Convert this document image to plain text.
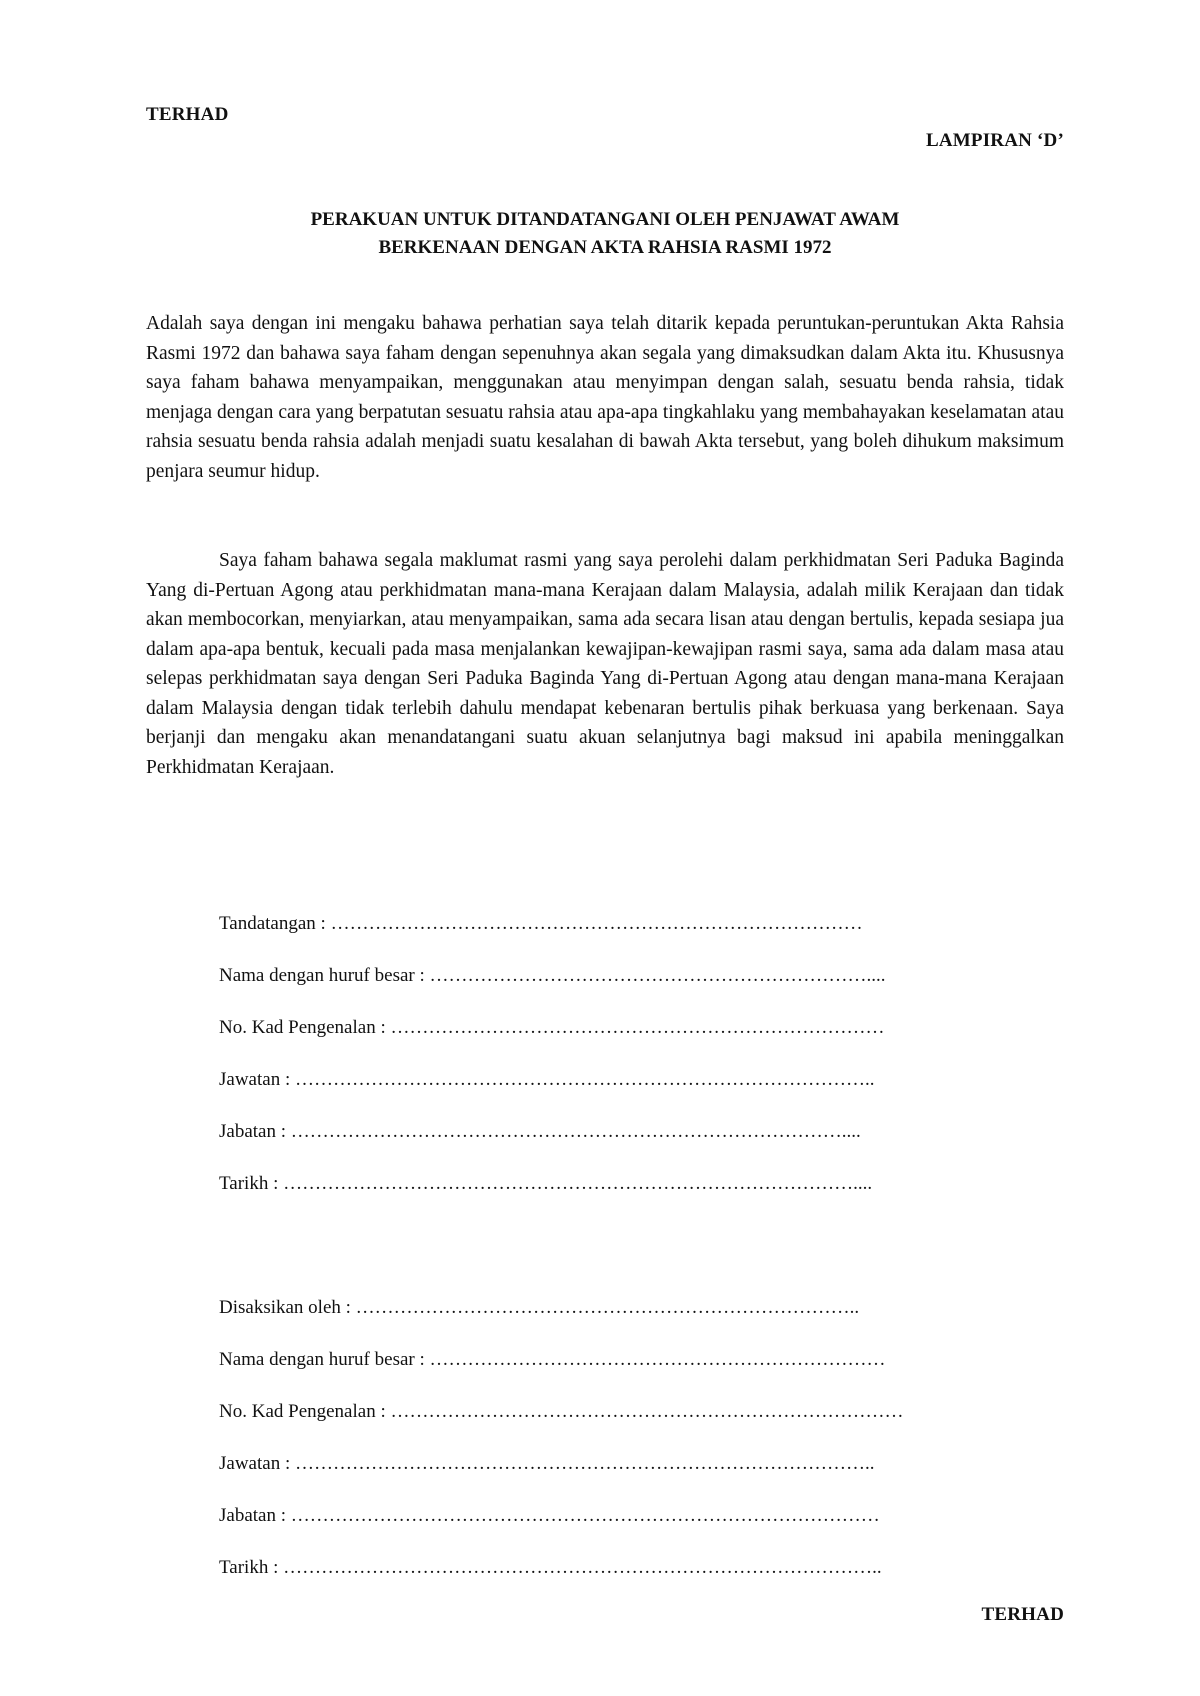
TERHAD
LAMPIRAN ‘D’
PERAKUAN UNTUK DITANDATANGANI OLEH PENJAWAT AWAM
BERKENAAN DENGAN AKTA RAHSIA RASMI 1972
Adalah saya dengan ini mengaku bahawa perhatian saya telah ditarik kepada peruntukan-peruntukan Akta Rahsia Rasmi 1972 dan bahawa saya faham dengan sepenuhnya akan segala yang dimaksudkan dalam Akta itu. Khususnya saya faham bahawa menyampaikan, menggunakan atau menyimpan dengan salah, sesuatu benda rahsia, tidak menjaga dengan cara yang berpatutan sesuatu rahsia atau apa-apa tingkahlaku yang membahayakan keselamatan atau rahsia sesuatu benda rahsia adalah menjadi suatu kesalahan di bawah Akta tersebut, yang boleh dihukum maksimum penjara seumur hidup.
Saya faham bahawa segala maklumat rasmi yang saya perolehi dalam perkhidmatan Seri Paduka Baginda Yang di-Pertuan Agong atau perkhidmatan mana-mana Kerajaan dalam Malaysia, adalah milik Kerajaan dan tidak akan membocorkan, menyiarkan, atau menyampaikan, sama ada secara lisan atau dengan bertulis, kepada sesiapa jua dalam apa-apa bentuk, kecuali pada masa menjalankan kewajipan-kewajipan rasmi saya, sama ada dalam masa atau selepas perkhidmatan saya dengan Seri Paduka Baginda Yang di-Pertuan Agong atau dengan mana-mana Kerajaan dalam Malaysia dengan tidak terlebih dahulu mendapat kebenaran bertulis pihak berkuasa yang berkenaan. Saya berjanji dan mengaku akan menandatangani suatu akuan selanjutnya bagi maksud ini apabila meninggalkan Perkhidmatan Kerajaan.
Tandatangan : …………………………………………………………………………
Nama dengan huruf besar : ……………………………………………………………....
No. Kad Pengenalan : ……………………………………………………………………
Jawatan : ………………………………………………………………………………..
Jabatan : ……………………………………………………………………………....
Tarikh : ………………………………………………………………………………....
Disaksikan oleh : ……………………………………………………………………..
Nama dengan huruf besar : ………………………………………………………………
No. Kad Pengenalan : ………………………………………………………………………
Jawatan : ………………………………………………………………………………..
Jabatan : …………………………………………………………………………………
Tarikh : …………………………………………………………………………………..
TERHAD
